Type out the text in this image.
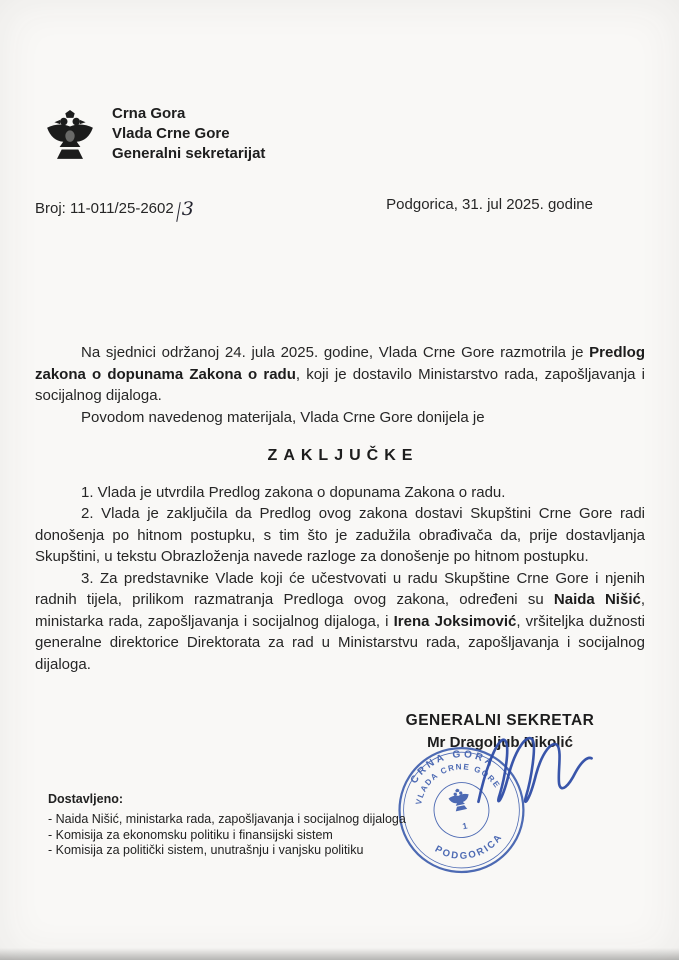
Crna Gora
Vlada Crne Gore
Generalni sekretarijat
Broj: 11-011/25-2602 3	Podgorica, 31. jul 2025. godine

Na sjednici održanoj 24. jula 2025. godine, Vlada Crne Gore razmotrila je Predlog zakona o dopunama Zakona o radu, koji je dostavilo Ministarstvo rada, zapošljavanja i socijalnog dijaloga.

Povodom navedenog materijala, Vlada Crne Gore donijela je

ZAKLJUČKE

1. Vlada je utvrdila Predlog zakona o dopunama Zakona o radu.

2. Vlada je zaključila da Predlog ovog zakona dostavi Skupštini Crne Gore radi donošenja po hitnom postupku, s tim što je zadužila obrađivača da, prije dostavljanja Skupštini, u tekstu Obrazloženja navede razloge za donošenje po hitnom postupku.

3. Za predstavnike Vlade koji će učestvovati u radu Skupštine Crne Gore i njenih radnih tijela, prilikom razmatranja Predloga ovog zakona, određeni su Naida Nišić, ministarka rada, zapošljavanja i socijalnog dijaloga, i Irena Joksimović, vršiteljka dužnosti generalne direktorice Direktorata za rad u Ministarstvu rada, zapošljavanja i socijalnog dijaloga.

GENERALNI SEKRETAR
Mr Dragoljub Nikolić
CRNA GORA
VLADA CRNE GORE
PODGORICA
1
Dostavljeno:
- Naida Nišić, ministarka rada, zapošljavanja i socijalnog dijaloga
- Komisija za ekonomsku politiku i finansijski sistem
- Komisija za politički sistem, unutrašnju i vanjsku politiku
